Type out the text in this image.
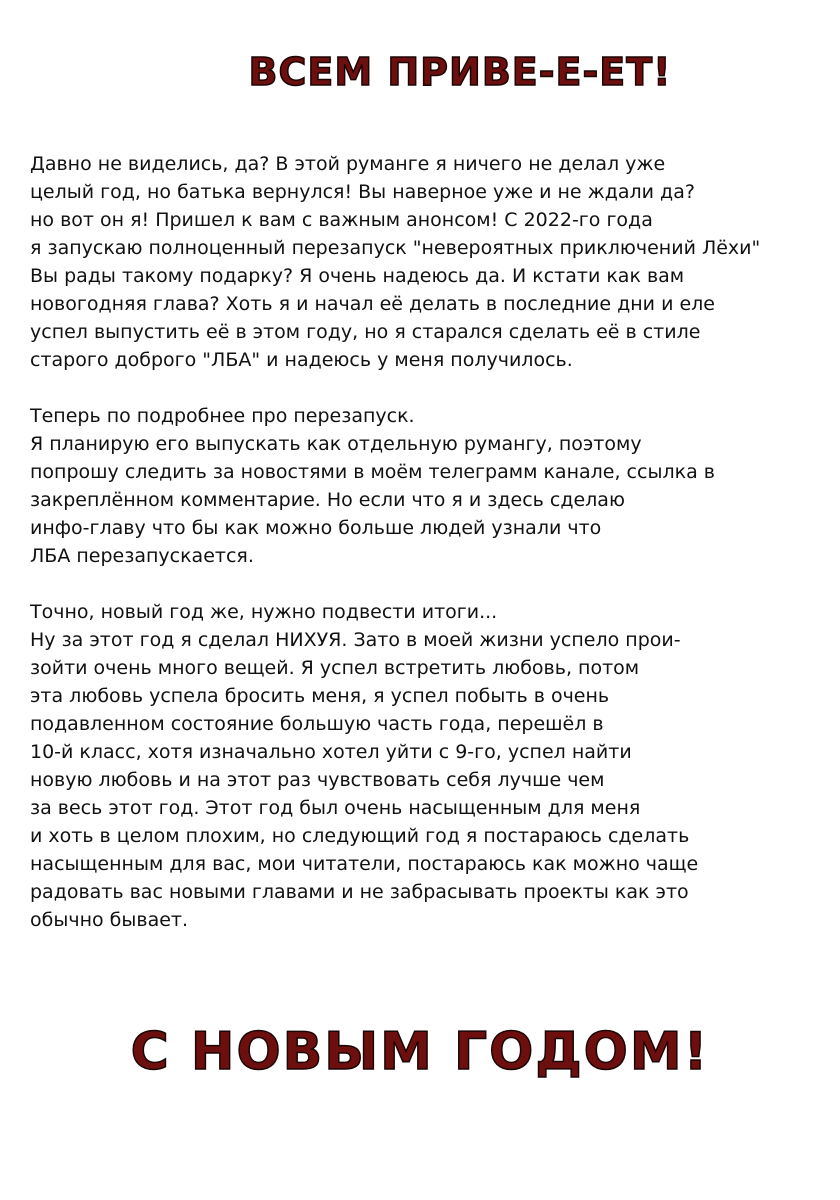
ВСЕМ ПРИВЕ-Е-ЕТ!
Давно не виделись, да? В этой руманге я ничего не делал уже
целый год, но батька вернулся! Вы наверное уже и не ждали да?
но вот он я! Пришел к вам с важным анонсом! С 2022-го года
я запускаю полноценный перезапуск "невероятных приключений Лёхи"
Вы рады такому подарку? Я очень надеюсь да. И кстати как вам
новогодняя глава? Хоть я и начал её делать в последние дни и еле
успел выпустить её в этом году, но я старался сделать её в стиле
старого доброго "ЛБА" и надеюсь у меня получилось.
Теперь по подробнее про перезапуск.
Я планирую его выпускать как отдельную румангу, поэтому
попрошу следить за новостями в моём телеграмм канале, ссылка в
закреплённом комментарие. Но если что я и здесь сделаю
инфо-главу что бы как можно больше людей узнали что
ЛБА перезапускается.
Точно, новый год же, нужно подвести итоги...
Ну за этот год я сделал НИХУЯ. Зато в моей жизни успело прои-
зойти очень много вещей. Я успел встретить любовь, потом
эта любовь успела бросить меня, я успел побыть в очень
подавленном состояние большую часть года, перешёл в
10-й класс, хотя изначально хотел уйти с 9-го, успел найти
новую любовь и на этот раз чувствовать себя лучше чем
за весь этот год. Этот год был очень насыщенным для меня
и хоть в целом плохим, но следующий год я постараюсь сделать
насыщенным для вас, мои читатели, постараюсь как можно чаще
радовать вас новыми главами и не забрасывать проекты как это
обычно бывает.
С НОВЫМ ГОДОМ!
